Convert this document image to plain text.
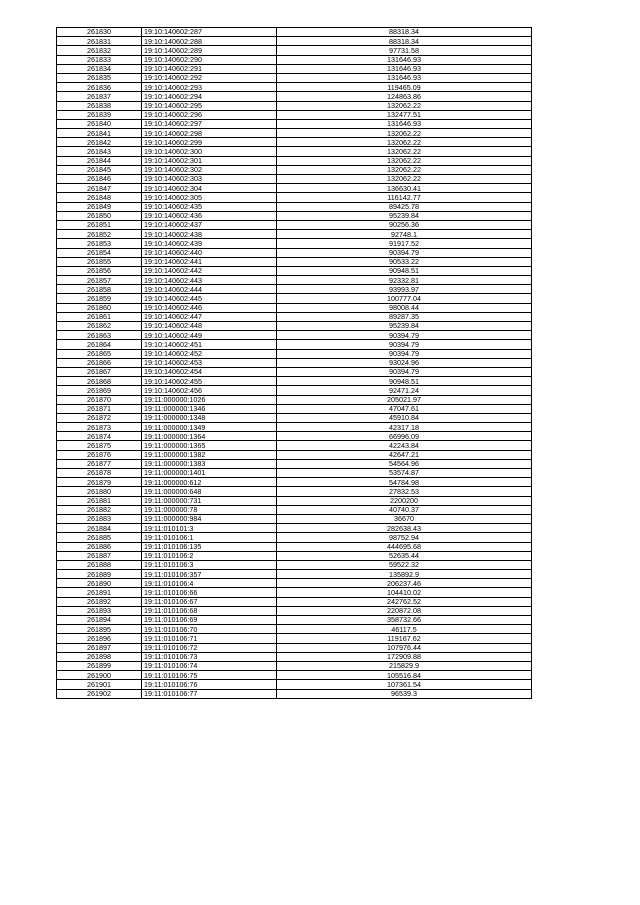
261830	19:10:140602:287	88318.34
261831	19:10:140602:288	88318.34
261832	19:10:140602:289	97731.58
261833	19:10:140602:290	131646.93
261834	19:10:140602:291	131646.93
261835	19:10:140602:292	131646.93
261836	19:10:140602:293	119465.09
261837	19:10:140602:294	124863.86
261838	19:10:140602:295	132062.22
261839	19:10:140602:296	132477.51
261840	19:10:140602:297	131646.93
261841	19:10:140602:298	132062.22
261842	19:10:140602:299	132062.22
261843	19:10:140602:300	132062.22
261844	19:10:140602:301	132062.22
261845	19:10:140602:302	132062.22
261846	19:10:140602:303	132062.22
261847	19:10:140602:304	136630.41
261848	19:10:140602:305	116142.77
261849	19:10:140602:435	89425.78
261850	19:10:140602:436	95239.84
261851	19:10:140602:437	90256.36
261852	19:10:140602:438	92748.1
261853	19:10:140602:439	91917.52
261854	19:10:140602:440	90394.79
261855	19:10:140602:441	90533.22
261856	19:10:140602:442	90948.51
261857	19:10:140602:443	92332.81
261858	19:10:140602:444	93993.97
261859	19:10:140602:445	100777.04
261860	19:10:140602:446	98008.44
261861	19:10:140602:447	89287.35
261862	19:10:140602:448	95239.84
261863	19:10:140602:449	90394.79
261864	19:10:140602:451	90394.79
261865	19:10:140602:452	90394.79
261866	19:10:140602:453	93024.96
261867	19:10:140602:454	90394.79
261868	19:10:140602:455	90948.51
261869	19:10:140602:456	92471.24
261870	19:11:000000:1026	205021.97
261871	19:11:000000:1346	47047.61
261872	19:11:000000:1348	45910.84
261873	19:11:000000:1349	42317.18
261874	19:11:000000:1364	66996.09
261875	19:11:000000:1365	42243.84
261876	19:11:000000:1382	42647.21
261877	19:11:000000:1383	54564.96
261878	19:11:000000:1401	53574.87
261879	19:11:000000:612	54784.98
261880	19:11:000000:648	27832.53
261881	19:11:000000:731	2200200
261882	19:11:000000:78	40740.37
261883	19:11:000000:984	36670
261884	19:11:010101:3	282638.43
261885	19:11:010106:1	98752.94
261886	19:11:010106:135	444695.68
261887	19:11:010106:2	52635.44
261888	19:11:010106:3	59522.32
261889	19:11:010106:357	135892.9
261890	19:11:010106:4	206237.46
261891	19:11:010106:66	104410.02
261892	19:11:010106:67	242762.52
261893	19:11:010106:68	220872.08
261894	19:11:010106:69	358732.66
261895	19:11:010106:70	46117.5
261896	19:11:010106:71	119167.62
261897	19:11:010106:72	107976.44
261898	19:11:010106:73	172909.88
261899	19:11:010106:74	215829.9
261900	19:11:010106:75	105516.84
261901	19:11:010106:76	107361.54
261902	19:11:010106:77	96539.3
